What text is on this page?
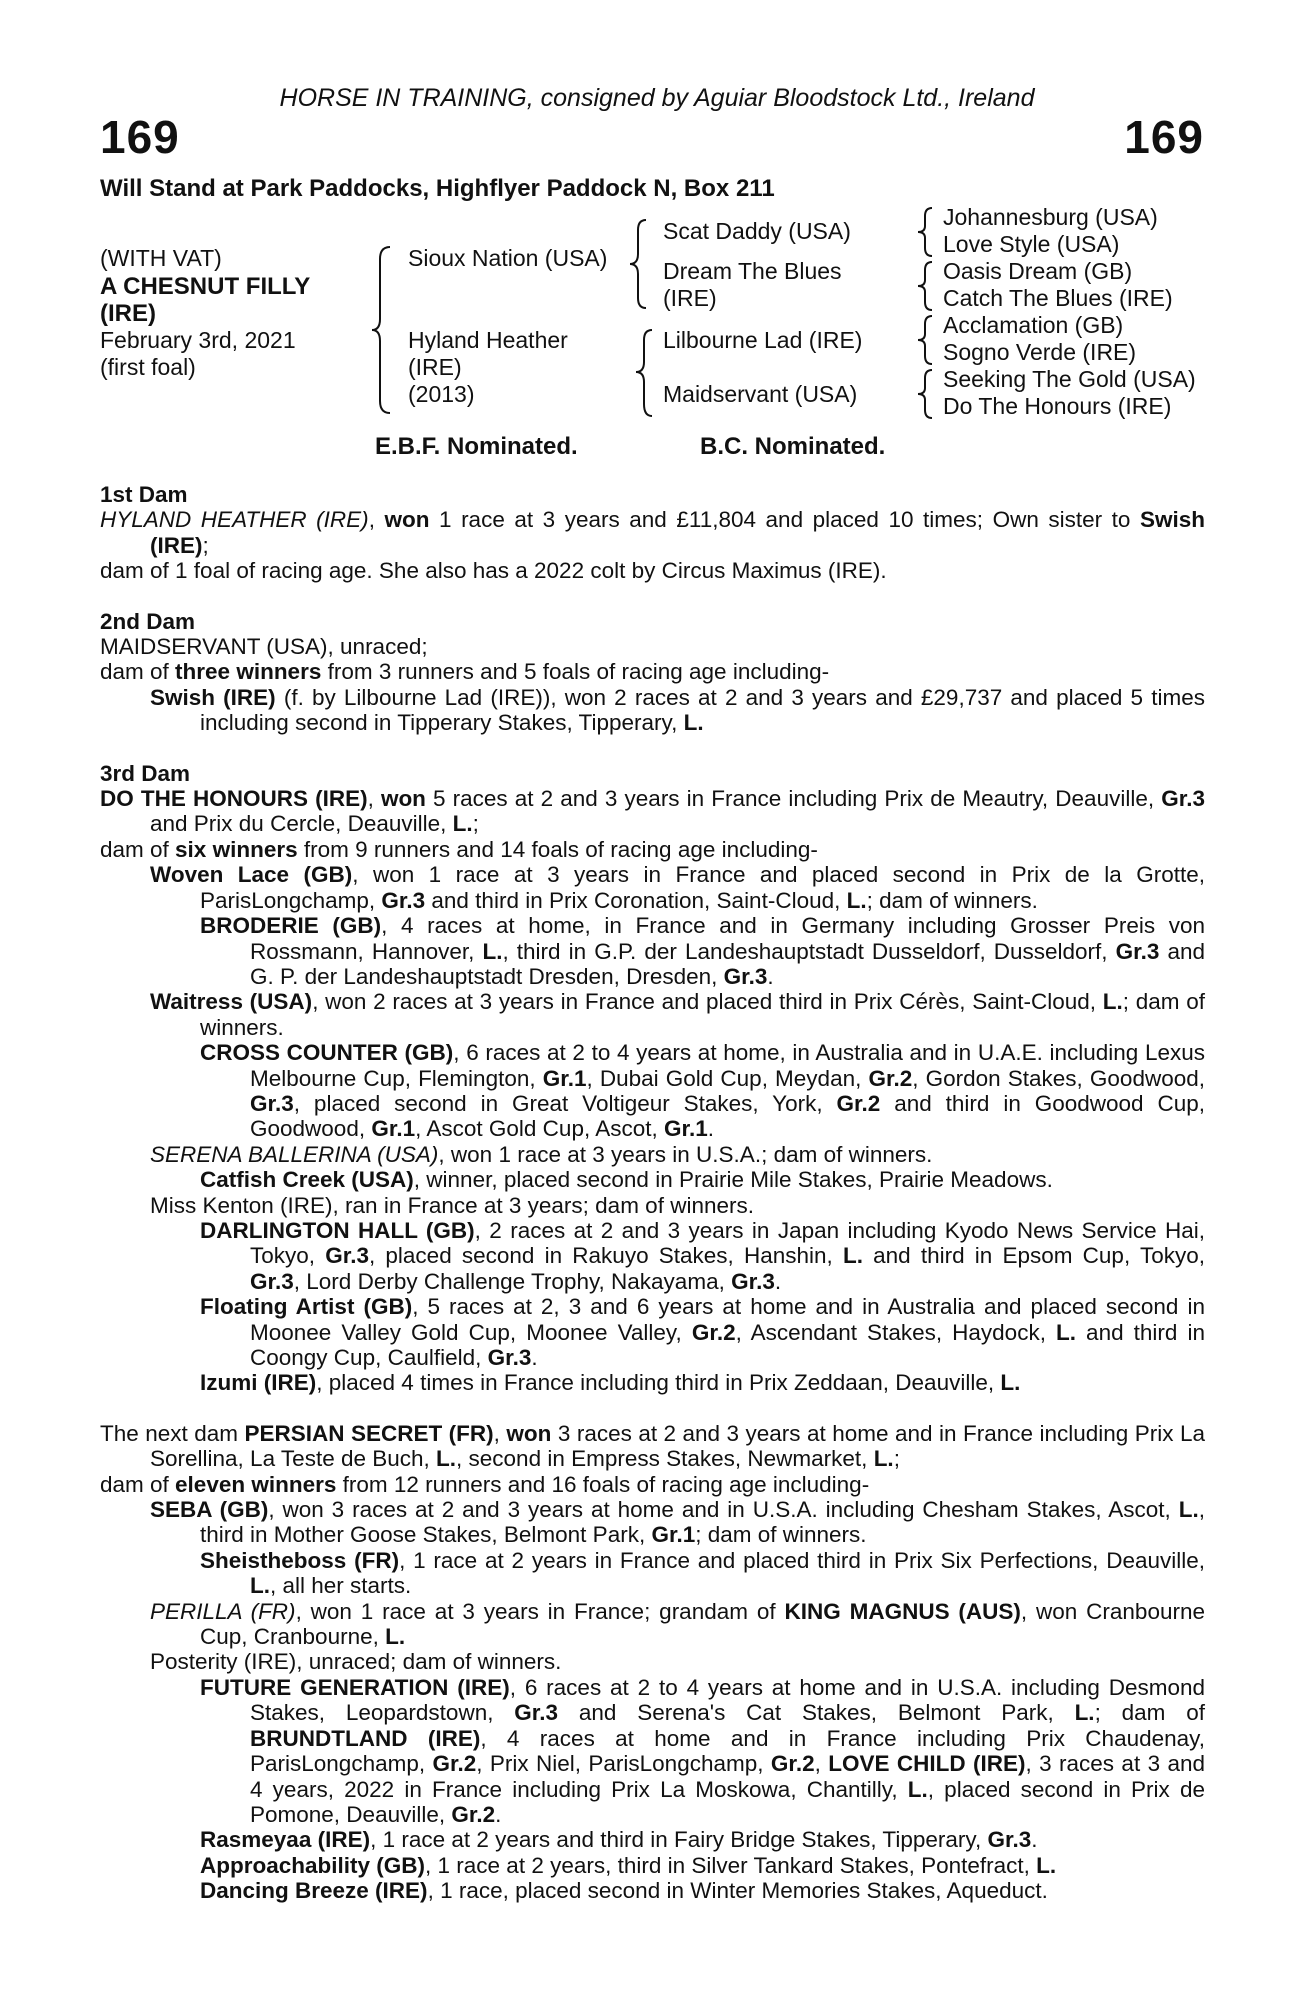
HORSE IN TRAINING, consigned by Aguiar Bloodstock Ltd., Ireland
169	169
Will Stand at Park Paddocks, Highflyer Paddock N, Box 211
(WITH VAT)
A CHESNUT FILLY
(IRE)
February 3rd, 2021
(first foal)
Sioux Nation (USA)
Hyland Heather
(IRE)
(2013)
Scat Daddy (USA)
Dream The Blues
(IRE)
Lilbourne Lad (IRE)
Maidservant (USA)
Johannesburg (USA)
Love Style (USA)
Oasis Dream (GB)
Catch The Blues (IRE)
Acclamation (GB)
Sogno Verde (IRE)
Seeking The Gold (USA)
Do The Honours (IRE)
E.B.F. Nominated.	B.C. Nominated.

1st Dam

HYLAND HEATHER (IRE), won 1 race at 3 years and £11,804 and placed 10 times; Own sister to Swish (IRE);

dam of 1 foal of racing age. She also has a 2022 colt by Circus Maximus (IRE).

2nd Dam

MAIDSERVANT (USA), unraced;

dam of three winners from 3 runners and 5 foals of racing age including-

Swish (IRE) (f. by Lilbourne Lad (IRE)), won 2 races at 2 and 3 years and £29,737 and placed 5 times including second in Tipperary Stakes, Tipperary, L.

3rd Dam

DO THE HONOURS (IRE), won 5 races at 2 and 3 years in France including Prix de Meautry, Deauville, Gr.3 and Prix du Cercle, Deauville, L.;

dam of six winners from 9 runners and 14 foals of racing age including-

Woven Lace (GB), won 1 race at 3 years in France and placed second in Prix de la Grotte, ParisLongchamp, Gr.3 and third in Prix Coronation, Saint-Cloud, L.; dam of winners.

BRODERIE (GB), 4 races at home, in France and in Germany including Grosser Preis von Rossmann, Hannover, L., third in G.P. der Landeshauptstadt Dusseldorf, Dusseldorf, Gr.3 and G. P. der Landeshauptstadt Dresden, Dresden, Gr.3.

Waitress (USA), won 2 races at 3 years in France and placed third in Prix Cérès, Saint-Cloud, L.; dam of winners.

CROSS COUNTER (GB), 6 races at 2 to 4 years at home, in Australia and in U.A.E. including Lexus Melbourne Cup, Flemington, Gr.1, Dubai Gold Cup, Meydan, Gr.2, Gordon Stakes, Goodwood, Gr.3, placed second in Great Voltigeur Stakes, York, Gr.2 and third in Goodwood Cup, Goodwood, Gr.1, Ascot Gold Cup, Ascot, Gr.1.

SERENA BALLERINA (USA), won 1 race at 3 years in U.S.A.; dam of winners.

Catfish Creek (USA), winner, placed second in Prairie Mile Stakes, Prairie Meadows.

Miss Kenton (IRE), ran in France at 3 years; dam of winners.

DARLINGTON HALL (GB), 2 races at 2 and 3 years in Japan including Kyodo News Service Hai, Tokyo, Gr.3, placed second in Rakuyo Stakes, Hanshin, L. and third in Epsom Cup, Tokyo, Gr.3, Lord Derby Challenge Trophy, Nakayama, Gr.3.

Floating Artist (GB), 5 races at 2, 3 and 6 years at home and in Australia and placed second in Moonee Valley Gold Cup, Moonee Valley, Gr.2, Ascendant Stakes, Haydock, L. and third in Coongy Cup, Caulfield, Gr.3.

Izumi (IRE), placed 4 times in France including third in Prix Zeddaan, Deauville, L.

The next dam PERSIAN SECRET (FR), won 3 races at 2 and 3 years at home and in France including Prix La Sorellina, La Teste de Buch, L., second in Empress Stakes, Newmarket, L.;

dam of eleven winners from 12 runners and 16 foals of racing age including-

SEBA (GB), won 3 races at 2 and 3 years at home and in U.S.A. including Chesham Stakes, Ascot, L., third in Mother Goose Stakes, Belmont Park, Gr.1; dam of winners.

Sheistheboss (FR), 1 race at 2 years in France and placed third in Prix Six Perfections, Deauville, L., all her starts.

PERILLA (FR), won 1 race at 3 years in France; grandam of KING MAGNUS (AUS), won Cranbourne Cup, Cranbourne, L.

Posterity (IRE), unraced; dam of winners.

FUTURE GENERATION (IRE), 6 races at 2 to 4 years at home and in U.S.A. including Desmond Stakes, Leopardstown, Gr.3 and Serena's Cat Stakes, Belmont Park, L.; dam of BRUNDTLAND (IRE), 4 races at home and in France including Prix Chaudenay, ParisLongchamp, Gr.2, Prix Niel, ParisLongchamp, Gr.2, LOVE CHILD (IRE), 3 races at 3 and 4 years, 2022 in France including Prix La Moskowa, Chantilly, L., placed second in Prix de Pomone, Deauville, Gr.2.

Rasmeyaa (IRE), 1 race at 2 years and third in Fairy Bridge Stakes, Tipperary, Gr.3.

Approachability (GB), 1 race at 2 years, third in Silver Tankard Stakes, Pontefract, L.

Dancing Breeze (IRE), 1 race, placed second in Winter Memories Stakes, Aqueduct.
